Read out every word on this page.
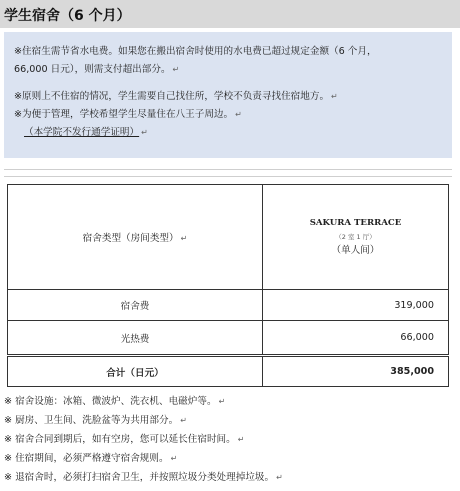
学生宿舍（6 个月）

※住宿生需节省水电费。如果您在搬出宿舍时使用的水电费已超过规定金额（6 个月，

66,000 日元），则需支付超出部分。 ↵

※原则上不住宿的情况，学生需要自己找住所，学校不负责寻找住宿地方。 ↵

※为便于管理，学校希望学生尽量住在八王子周边。 ↵

（本学院不发行通学证明） ↵

宿舍类型（房间类型） ↵	SAKURA TERRACE
（2 室 1 厅）
（单人间）

宿舍费	319,000
光热费	66,000
合计（日元）	385,000

※ 宿舍设施：冰箱、微波炉、洗衣机、电磁炉等。 ↵

※ 厨房、卫生间、洗脸盆等为共用部分。 ↵

※ 宿舍合同到期后，如有空房，您可以延长住宿时间。 ↵

※ 住宿期间，必须严格遵守宿舍规则。 ↵

※ 退宿舍时，必须打扫宿舍卫生，并按照垃圾分类处理掉垃圾。 ↵
